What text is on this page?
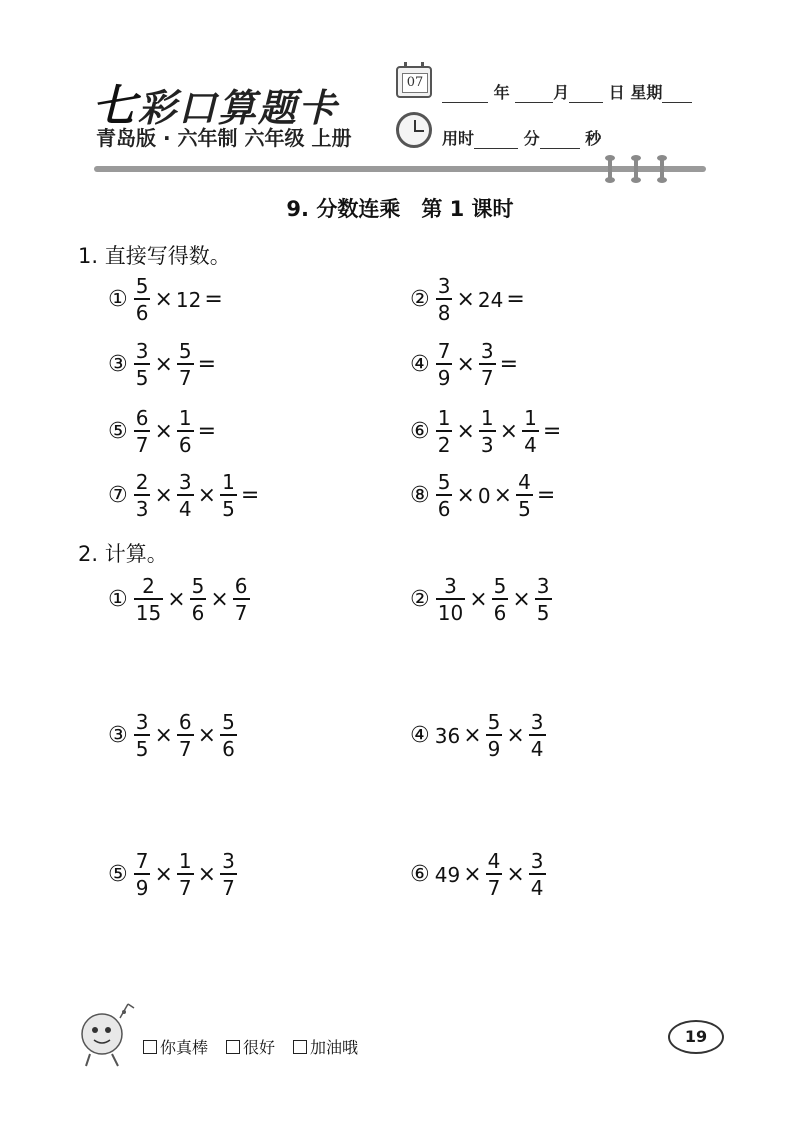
七彩口算题卡
青岛版 · 六年制 六年级 上册
07
年	月 日 星期
用时	分	秒
9. 分数连乘　第 1 课时
1. 直接写得数。
① $\frac{5}{6} \times 12$ =	② $\frac{3}{8} \times 24$ =
③ $\frac{3}{5} \times \frac{5}{7}$ =	④ $\frac{7}{9} \times \frac{3}{7}$ =
⑤ $\frac{6}{7} \times \frac{1}{6}$ =	⑥ $\frac{1}{2} \times \frac{1}{3} \times \frac{1}{4}$ =
⑦ $\frac{2}{3} \times \frac{3}{4} \times \frac{1}{5}$ =	⑧ $\frac{5}{6} \times 0 \times \frac{4}{5}$ =
2. 计算。
① $\frac{2}{15} \times \frac{5}{6} \times \frac{6}{7}$	② $\frac{3}{10} \times \frac{5}{6} \times \frac{3}{5}$
③ $\frac{3}{5} \times \frac{6}{7} \times \frac{5}{6}$	④ $36 \times \frac{5}{9} \times \frac{3}{4}$
⑤ $\frac{7}{9} \times \frac{1}{7} \times \frac{3}{7}$	⑥ $49 \times \frac{4}{7} \times \frac{3}{4}$
你真棒 很好 加油哦
19
